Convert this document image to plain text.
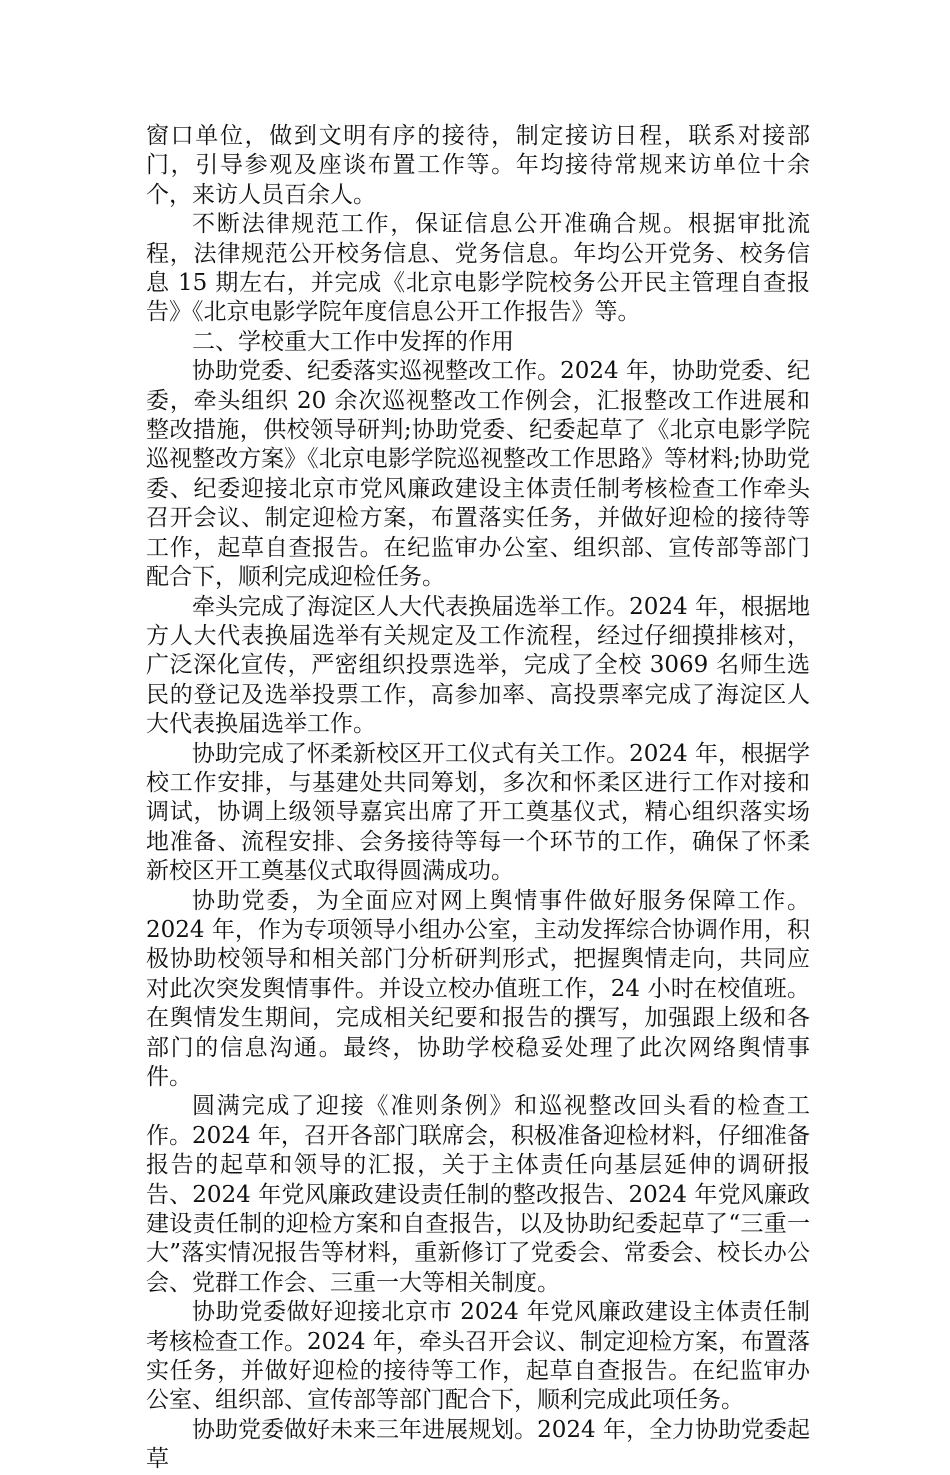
窗口单位，做到文明有序的接待，制定接访日程，联系对接部门，引导参观及座谈布置工作等。年均接待常规来访单位十余个，来访人员百余人。

不断法律规范工作，保证信息公开准确合规。根据审批流程，法律规范公开校务信息、党务信息。年均公开党务、校务信息 15 期左右，并完成《北京电影学院校务公开民主管理自查报告》《北京电影学院年度信息公开工作报告》等。

二、学校重大工作中发挥的作用

协助党委、纪委落实巡视整改工作。2024 年，协助党委、纪委，牵头组织 20 余次巡视整改工作例会，汇报整改工作进展和整改措施，供校领导研判;协助党委、纪委起草了《北京电影学院巡视整改方案》《北京电影学院巡视整改工作思路》等材料;协助党委、纪委迎接北京市党风廉政建设主体责任制考核检查工作牵头召开会议、制定迎检方案，布置落实任务，并做好迎检的接待等工作，起草自查报告。在纪监审办公室、组织部、宣传部等部门配合下，顺利完成迎检任务。

牵头完成了海淀区人大代表换届选举工作。2024 年，根据地方人大代表换届选举有关规定及工作流程，经过仔细摸排核对，广泛深化宣传，严密组织投票选举，完成了全校 3069 名师生选民的登记及选举投票工作，高参加率、高投票率完成了海淀区人大代表换届选举工作。

协助完成了怀柔新校区开工仪式有关工作。2024 年，根据学校工作安排，与基建处共同筹划，多次和怀柔区进行工作对接和调试，协调上级领导嘉宾出席了开工奠基仪式，精心组织落实场地准备、流程安排、会务接待等每一个环节的工作，确保了怀柔新校区开工奠基仪式取得圆满成功。

协助党委，为全面应对网上舆情事件做好服务保障工作。2024 年，作为专项领导小组办公室，主动发挥综合协调作用，积极协助校领导和相关部门分析研判形式，把握舆情走向，共同应对此次突发舆情事件。并设立校办值班工作，24 小时在校值班。在舆情发生期间，完成相关纪要和报告的撰写，加强跟上级和各部门的信息沟通。最终，协助学校稳妥处理了此次网络舆情事件。

圆满完成了迎接《准则条例》和巡视整改回头看的检查工作。2024 年，召开各部门联席会，积极准备迎检材料，仔细准备报告的起草和领导的汇报，关于主体责任向基层延伸的调研报告、2024 年党风廉政建设责任制的整改报告、2024 年党风廉政建设责任制的迎检方案和自查报告，以及协助纪委起草了“三重一大”落实情况报告等材料，重新修订了党委会、常委会、校长办公会、党群工作会、三重一大等相关制度。

协助党委做好迎接北京市 2024 年党风廉政建设主体责任制考核检查工作。2024 年，牵头召开会议、制定迎检方案，布置落实任务，并做好迎检的接待等工作，起草自查报告。在纪监审办公室、组织部、宣传部等部门配合下，顺利完成此项任务。

协助党委做好未来三年进展规划。2024 年，全力协助党委起草
